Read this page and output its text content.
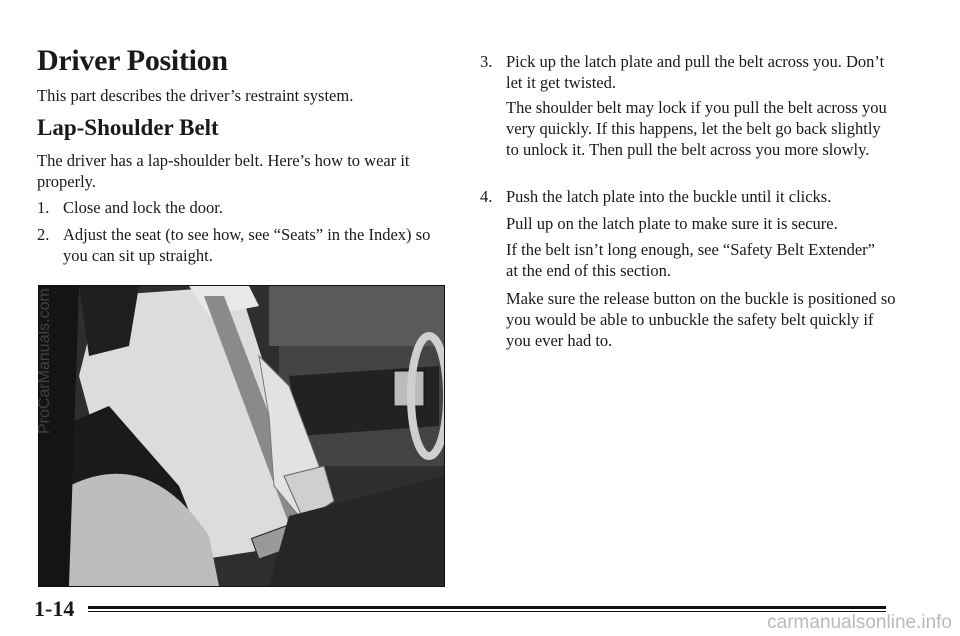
Driver Position

This part describes the driver’s restraint system.

Lap-Shoulder Belt

The driver has a lap-shoulder belt. Here’s how to wear it properly.

1. Close and lock the door.
2. Adjust the seat (to see how, see “Seats” in the Index) so you can sit up straight.
3. Pick up the latch plate and pull the belt across you. Don’t let it get twisted.

The shoulder belt may lock if you pull the belt across you very quickly. If this happens, let the belt go back slightly to unlock it. Then pull the belt across you more slowly.

4. Push the latch plate into the buckle until it clicks.

Pull up on the latch plate to make sure it is secure.

If the belt isn’t long enough, see “Safety Belt Extender” at the end of this section.

Make sure the release button on the buckle is positioned so you would be able to unbuckle the safety belt quickly if you ever had to.

1-14
ProCarManuals.com
carmanualsonline.info
